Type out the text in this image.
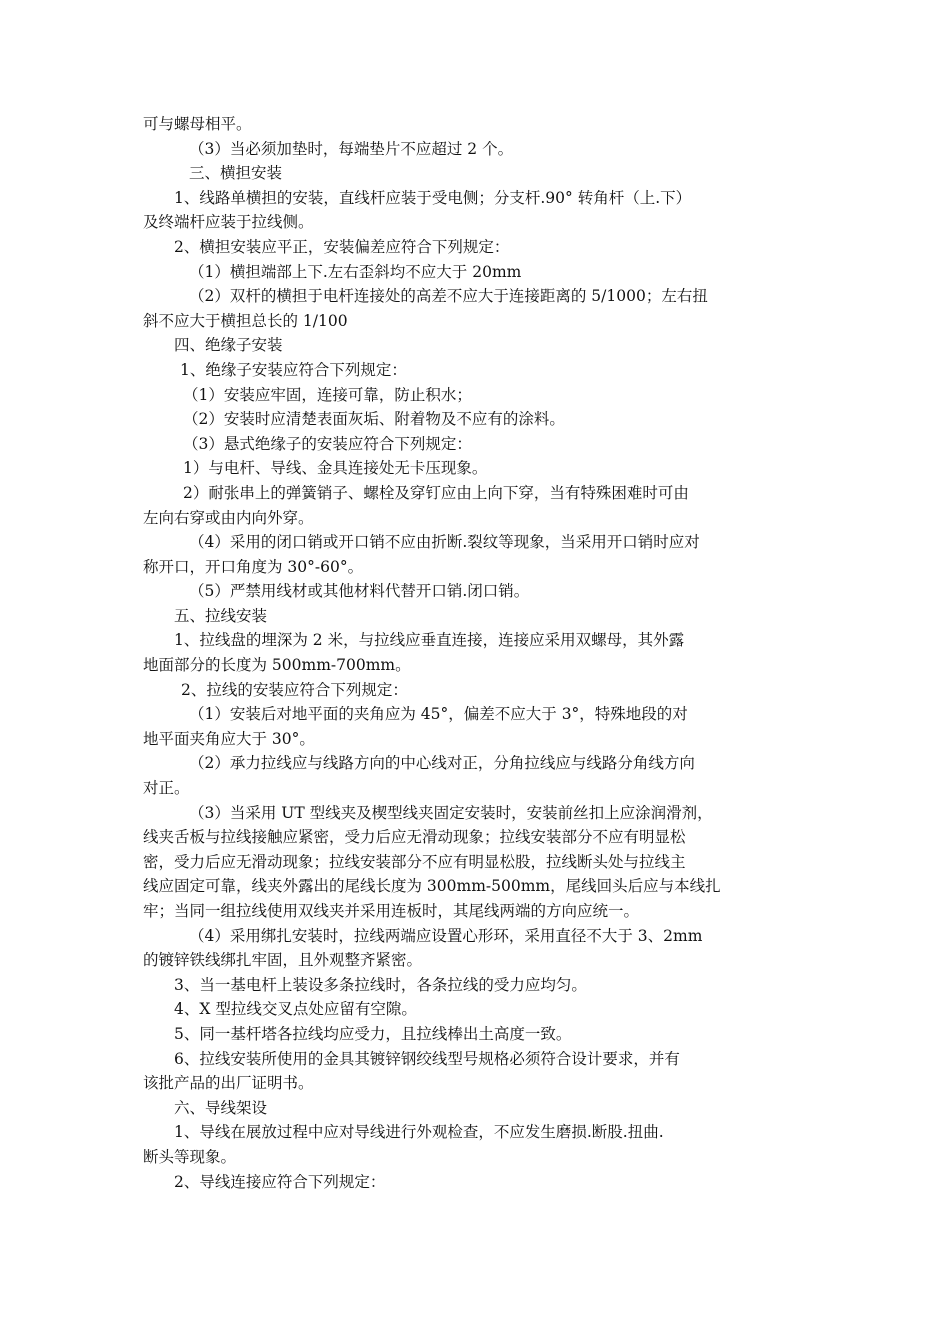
可与螺母相平。
（3）当必须加垫时，每端垫片不应超过 2 个。
三、横担安装
1、线路单横担的安装，直线杆应装于受电侧；分支杆.90° 转角杆（上.下）
及终端杆应装于拉线侧。
2、横担安装应平正，安装偏差应符合下列规定：
（1）横担端部上下.左右歪斜均不应大于 20mm
（2）双杆的横担于电杆连接处的高差不应大于连接距离的 5/1000；左右扭
斜不应大于横担总长的 1/100
四、绝缘子安装
1、绝缘子安装应符合下列规定：
（1）安装应牢固，连接可靠，防止积水；
（2）安装时应清楚表面灰垢、附着物及不应有的涂料。
（3）悬式绝缘子的安装应符合下列规定：
1）与电杆、导线、金具连接处无卡压现象。
2）耐张串上的弹簧销子、螺栓及穿钉应由上向下穿，当有特殊困难时可由
左向右穿或由内向外穿。
（4）采用的闭口销或开口销不应由折断.裂纹等现象，当采用开口销时应对
称开口，开口角度为 30°-60°。
（5）严禁用线材或其他材料代替开口销.闭口销。
五、拉线安装
1、拉线盘的埋深为 2 米，与拉线应垂直连接，连接应采用双螺母，其外露
地面部分的长度为 500mm-700mm。
2、拉线的安装应符合下列规定：
（1）安装后对地平面的夹角应为 45°，偏差不应大于 3°，特殊地段的对
地平面夹角应大于 30°。
（2）承力拉线应与线路方向的中心线对正，分角拉线应与线路分角线方向
对正。
（3）当采用 UT 型线夹及楔型线夹固定安装时，安装前丝扣上应涂润滑剂，
线夹舌板与拉线接触应紧密，受力后应无滑动现象；拉线安装部分不应有明显松
密，受力后应无滑动现象；拉线安装部分不应有明显松股，拉线断头处与拉线主
线应固定可靠，线夹外露出的尾线长度为 300mm-500mm，尾线回头后应与本线扎
牢；当同一组拉线使用双线夹并采用连板时，其尾线两端的方向应统一。
（4）采用绑扎安装时，拉线两端应设置心形环，采用直径不大于 3、2mm
的镀锌铁线绑扎牢固，且外观整齐紧密。
3、当一基电杆上装设多条拉线时，各条拉线的受力应均匀。
4、X 型拉线交叉点处应留有空隙。
5、同一基杆塔各拉线均应受力，且拉线棒出土高度一致。
6、拉线安装所使用的金具其镀锌钢绞线型号规格必须符合设计要求，并有
该批产品的出厂证明书。
六、导线架设
1、导线在展放过程中应对导线进行外观检查，不应发生磨损.断股.扭曲.
断头等现象。
2、导线连接应符合下列规定：
